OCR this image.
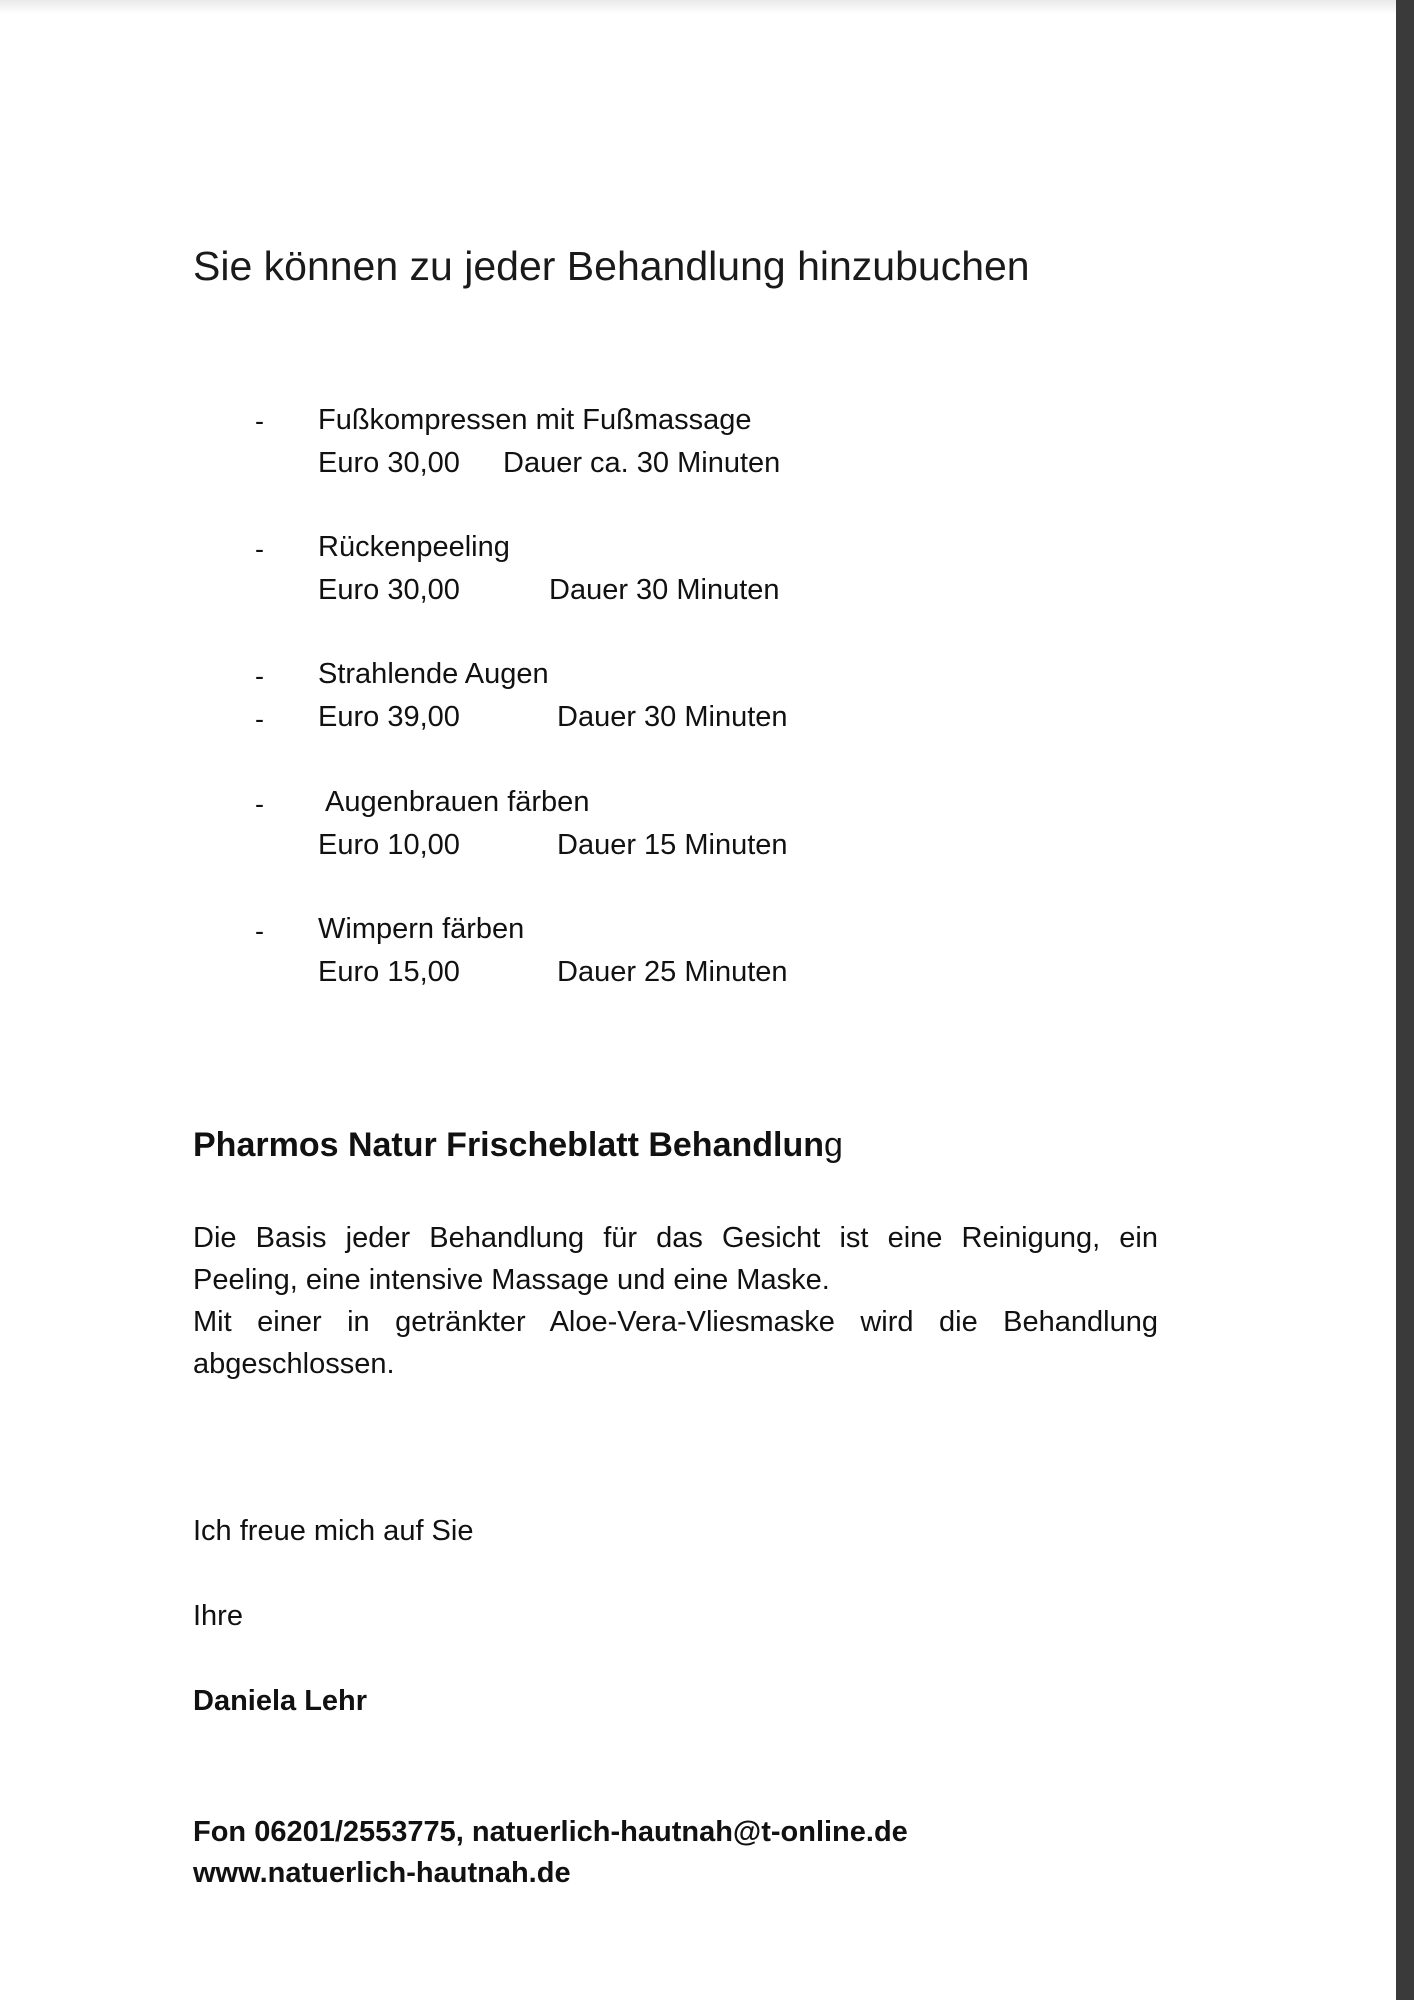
Sie können zu jeder Behandlung hinzubuchen
- Fußkompressen mit Fußmassage
Euro 30,00 Dauer ca. 30 Minuten
- Rückenpeeling
Euro 30,00	Dauer 30 Minuten
- Strahlende Augen
- Euro 39,00	Dauer 30 Minuten
- Augenbrauen färben
Euro 10,00	Dauer 15 Minuten
- Wimpern färben
Euro 15,00	Dauer 25 Minuten
Pharmos Natur Frischeblatt Behandlung
Die Basis jeder Behandlung für das Gesicht ist eine Reinigung, ein Peeling, eine intensive Massage und eine Maske.
Mit einer in getränkter Aloe-Vera-Vliesmaske wird die Behandlung abgeschlossen.
Ich freue mich auf Sie
Ihre
Daniela Lehr
Fon 06201/2553775, natuerlich-hautnah@t-online.de
www.natuerlich-hautnah.de
